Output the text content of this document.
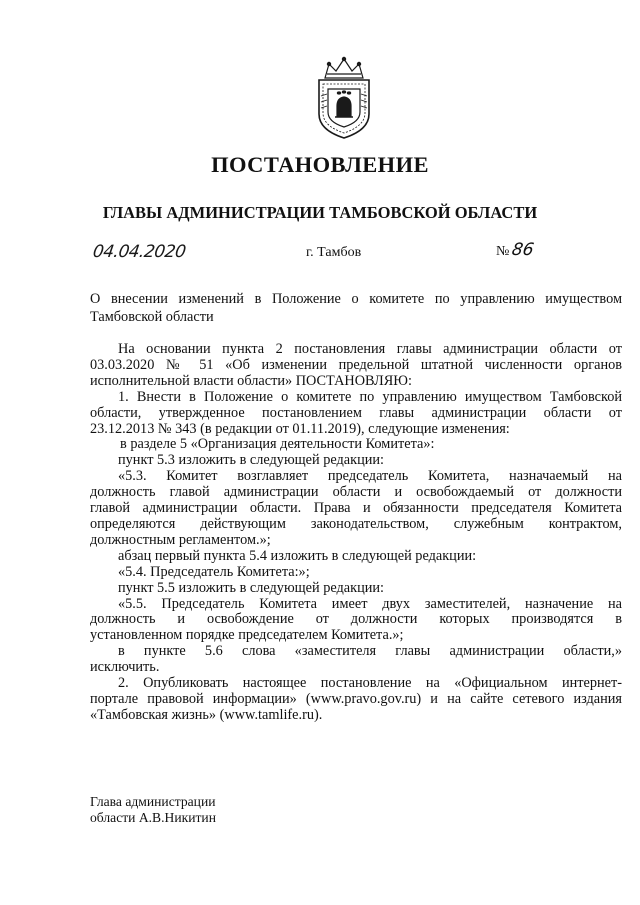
ПОСТАНОВЛЕНИЕ
ГЛАВЫ АДМИНИСТРАЦИИ ТАМБОВСКОЙ ОБЛАСТИ
04.04.2020	г. Тамбов	№86
О внесении изменений в Положение о комитете по управлению имуществом
Тамбовской области

На основании пункта 2 постановления главы администрации области от
03.03.2020 № 51 «Об изменении предельной штатной численности органов
исполнительной власти области» ПОСТАНОВЛЯЮ:

1. Внести в Положение о комитете по управлению имуществом Тамбовской
области, утвержденное постановлением главы администрации области от
23.12.2013 № 343 (в редакции от 01.11.2019), следующие изменения:

в разделе 5 «Организация деятельности Комитета»:

пункт 5.3 изложить в следующей редакции:

«5.3. Комитет возглавляет председатель Комитета, назначаемый на
должность главой администрации области и освобождаемый от должности
главой администрации области. Права и обязанности председателя Комитета
определяются действующим законодательством, служебным контрактом,
должностным регламентом.»;

абзац первый пункта 5.4 изложить в следующей редакции:

«5.4. Председатель Комитета:»;

пункт 5.5 изложить в следующей редакции:

«5.5. Председатель Комитета имеет двух заместителей, назначение на
должность и освобождение от должности которых производятся в
установленном порядке председателем Комитета.»;

в пункте 5.6 слова «заместителя главы администрации области,»
исключить.

2. Опубликовать настоящее постановление на «Официальном интернет-
портале правовой информации» (www.pravo.gov.ru) и на сайте сетевого издания
«Тамбовская жизнь» (www.tamlife.ru).

Глава администрации
области А.В.Никитин
